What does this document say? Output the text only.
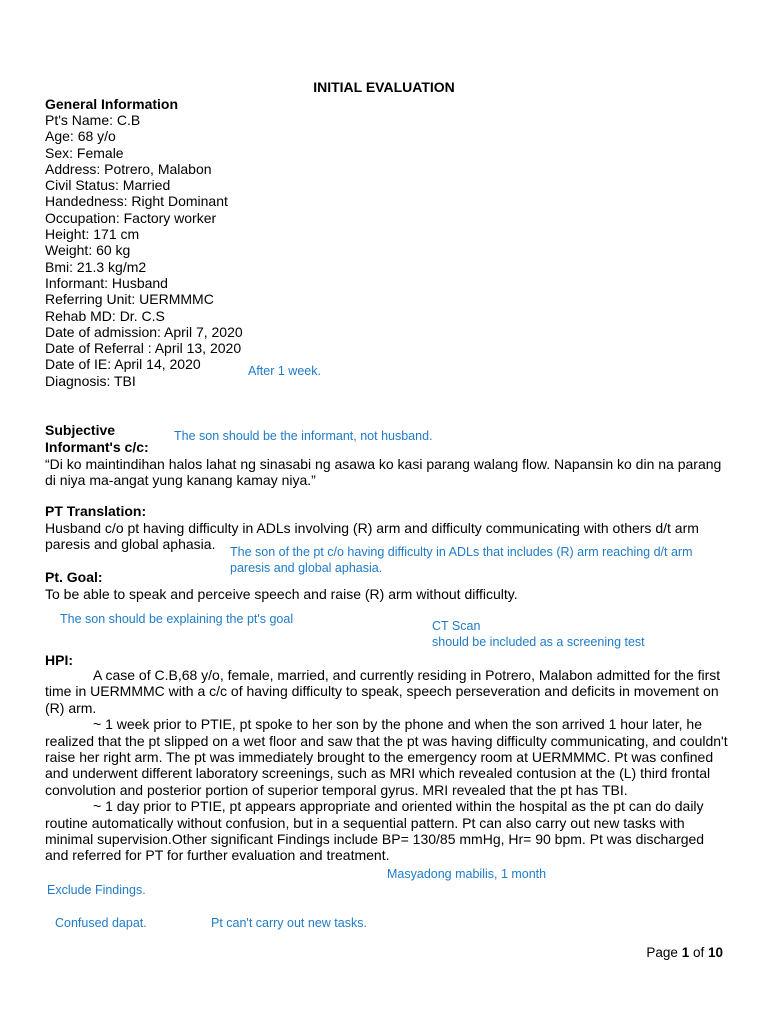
INITIAL EVALUATION
General Information
Pt's Name: C.B
Age: 68 y/o
Sex: Female
Address: Potrero, Malabon
Civil Status: Married
Handedness: Right Dominant
Occupation: Factory worker
Height: 171 cm
Weight: 60 kg
Bmi: 21.3 kg/m2
Informant: Husband
Referring Unit: UERMMMC
Rehab MD: Dr. C.S
Date of admission: April 7, 2020
Date of Referral : April 13, 2020
Date of IE: April 14, 2020
Diagnosis: TBI
After 1 week.
Subjective
Informant's c/c:
The son should be the informant, not husband.
“Di ko maintindihan halos lahat ng sinasabi ng asawa ko kasi parang walang flow. Napansin ko din na parang di niya ma-angat yung kanang kamay niya.”
PT Translation:
Husband c/o pt having difficulty in ADLs involving (R) arm and difficulty communicating with others d/t arm paresis and global aphasia.	The son of the pt c/o having difficulty in ADLs that includes (R) arm reaching d/t arm paresis and global aphasia.
Pt. Goal:
To be able to speak and perceive speech and raise (R) arm without difficulty.
The son should be explaining the pt's goal	CT Scan
should be included as a screening test
HPI:

A case of C.B,68 y/o, female, married, and currently residing in Potrero, Malabon admitted for the first time in UERMMMC with a c/c of having difficulty to speak, speech perseveration and deficits in movement on (R) arm.

~ 1 week prior to PTIE, pt spoke to her son by the phone and when the son arrived 1 hour later, he realized that the pt slipped on a wet floor and saw that the pt was having difficulty communicating, and couldn't raise her right arm. The pt was immediately brought to the emergency room at UERMMMC. Pt was confined and underwent different laboratory screenings, such as MRI which revealed contusion at the (L) third frontal convolution and posterior portion of superior temporal gyrus. MRI revealed that the pt has TBI.

~ 1 day prior to PTIE, pt appears appropriate and oriented within the hospital as the pt can do daily routine automatically without confusion, but in a sequential pattern. Pt can also carry out new tasks with minimal supervision.Other significant Findings include BP= 130/85 mmHg, Hr= 90 bpm. Pt was discharged and referred for PT for further evaluation and treatment.

Masyadong mabilis, 1 month
Exclude Findings.
Confused dapat.	Pt can't carry out new tasks.
Page 1 of 10
